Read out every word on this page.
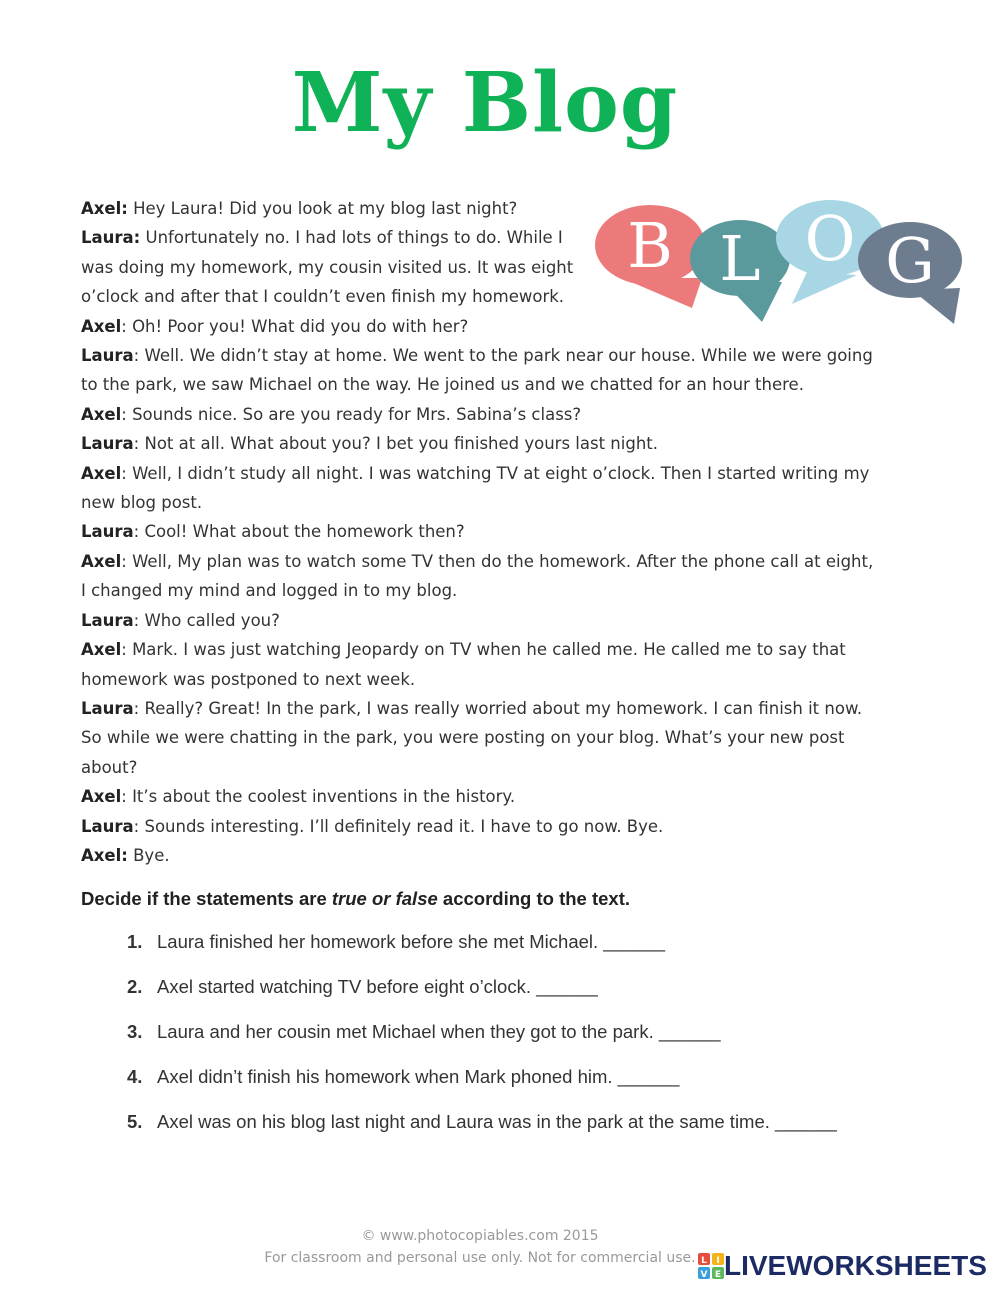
My Blog
B L O G

Axel: Hey Laura! Did you look at my blog last night?

Laura: Unfortunately no. I had lots of things to do. While I was doing my homework, my cousin visited us. It was eight o’clock and after that I couldn’t even finish my homework.

Axel: Oh! Poor you! What did you do with her?

Laura: Well. We didn’t stay at home. We went to the park near our house. While we were going to the park, we saw Michael on the way. He joined us and we chatted for an hour there.

Axel: Sounds nice. So are you ready for Mrs. Sabina’s class?

Laura: Not at all. What about you? I bet you finished yours last night.

Axel: Well, I didn’t study all night. I was watching TV at eight o’clock. Then I started writing my new blog post.

Laura: Cool! What about the homework then?

Axel: Well, My plan was to watch some TV then do the homework. After the phone call at eight, I changed my mind and logged in to my blog.

Laura: Who called you?

Axel: Mark. I was just watching Jeopardy on TV when he called me. He called me to say that homework was postponed to next week.

Laura: Really? Great! In the park, I was really worried about my homework. I can finish it now. So while we were chatting in the park, you were posting on your blog. What’s your new post about?

Axel: It’s about the coolest inventions in the history.

Laura: Sounds interesting. I’ll definitely read it. I have to go now. Bye.

Axel: Bye.

Decide if the statements are true or false according to the text.
1. Laura finished her homework before she met Michael. ______
2. Axel started watching TV before eight o’clock. ______
3. Laura and her cousin met Michael when they got to the park. ______
4. Axel didn’t finish his homework when Mark phoned him. ______
5. Axel was on his blog last night and Laura was in the park at the same time. ______
© www.photocopiables.com 2015
For classroom and personal use only. Not for commercial use. L I
V E LIVEWORKSHEETS
